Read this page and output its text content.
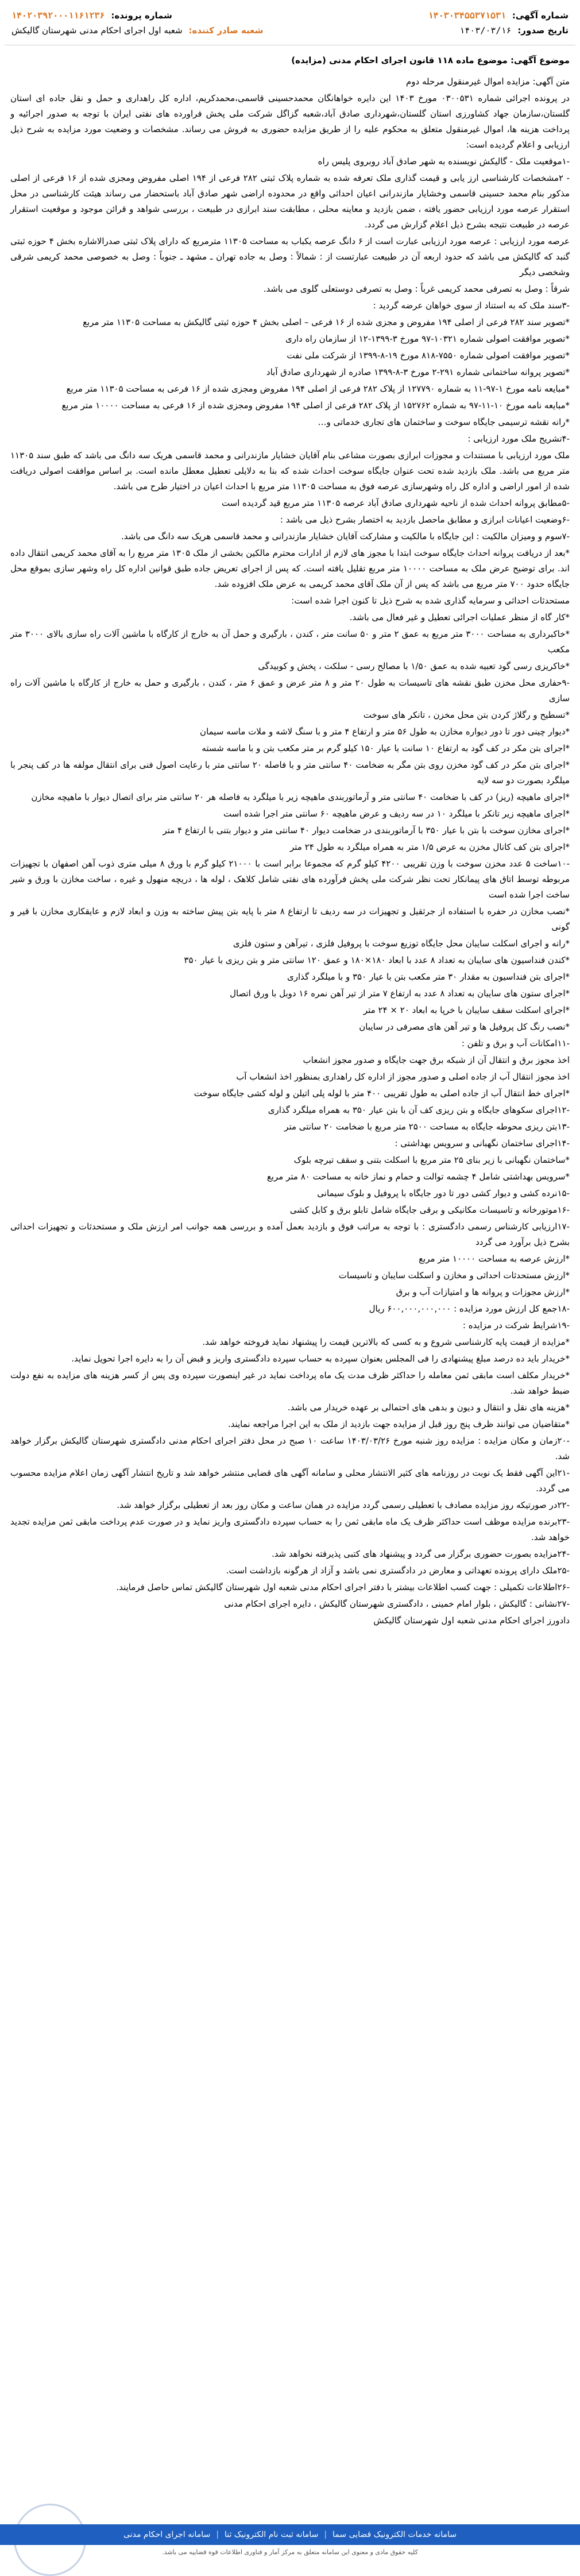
شماره آگهی: ۱۴۰۳۰۳۴۵۵۳۷۱۵۳۱
شماره پرونده: ۱۴۰۲۰۳۹۲۰۰۰۱۱۶۱۲۳۶
تاریخ صدور: ۱۴۰۳/۰۳/۱۶
شعبه صادر کننده: شعبه اول اجرای احکام مدنی شهرستان گالیکش

موضوع آگهی: موضوع ماده ۱۱۸ قانون اجرای احکام مدنی (مزایده)

متن آگهی: مزایده اموال غیرمنقول مرحله دوم

در پرونده اجرائی شماره ۰۳۰۰۵۳۱ مورخ ۱۴۰۳ این دایره خواهانگان محمدحسینی قاسمی،محمدکریم، اداره کل راهداری و حمل و نقل جاده ای استان گلستان،سازمان جهاد کشاورزی استان گلستان،شهرداری صادق آباد،شعبه گزاگل شرکت ملی پخش فراورده های نفتی ایران با توجه به صدور اجرائیه و پرداخت هزینه ها، اموال غیرمنقول متعلق به محکوم علیه را از طریق مزایده حضوری به فروش می رساند. مشخصات و وضعیت مورد مزایده به شرح ذیل ارزیابی و اعلام گردیده است:

-۱موقعیت ملک - گالیکش نویسنده به شهر صادق آباد روبروی پلیس راه

- ۲مشخصات کارشناسی ارز یابی و قیمت گذاری ملک تعرفه شده به شماره پلاک ثبتی ۲۸۲ فرعی از ۱۹۴ اصلی مفروض ومجزی شده از ۱۶ فرعی از اصلی مذکور بنام محمد حسینی قاسمی وخشایار مازندرانی اعیان احداثی واقع در محدوده اراضی شهر صادق آباد باستحضار می رساند هیئت کارشناسی در محل استقرار عرصه مورد ارزیابی حضور یافته ، ضمن بازدید و معاینه محلی ، مطابقت سند ابرازی در طبیعت ، بررسی شواهد و قرائن موجود و موقعیت استقرار عرصه در طبیعت نتیجه بشرح ذیل اعلام گزارش می گردد.

عرصه مورد ارزیابی : عرصه مورد ارزیابی عبارت است از ۶ دانگ عرصه یکباب به مساحت ۱۱۳۰۵ مترمربع که دارای پلاک ثبتی صدرالاشاره بخش ۴ حوزه ثبتی گنبد که گالیکش می باشد که حدود اربعه آن در طبیعت عبارتست از : شمالاً : وصل به جاده تهران ـ مشهد ـ جنوباً : وصل به خصوصی محمد کریمی شرقی وشخصی دیگر

شرقاً : وصل به تصرفی محمد کریمی غرباً : وصل به تصرفی دوستعلی گلوی می باشد.

-۳سند ملک که به استناد از سوی خواهان عرضه گردید :

*تصویر سند ۲۸۲ فرعی از اصلی ۱۹۴ مفروض و مجزی شده از ۱۶ فرعی – اصلی بخش ۴ حوزه ثبتی گالیکش به مساحت ۱۱۳۰۵ متر مربع

*تصویر موافقت اصولی شماره ۱۰۳۲۱-۹۷ مورخ ۳-۱۳۹۹-۱۲ از سازمان راه داری

*تصویر موافقت اصولی شماره ۷۵۵۰-۸۱۸ مورخ ۱۹-۸-۱۳۹۹ از شرکت ملی نفت

*تصویر پروانه ساختمانی شماره ۲۹۱-۲ مورخ ۳-۸-۱۳۹۹ صادره از شهرداری صادق آباد

*مبایعه نامه مورخ ۱-۹۷-۱۱ به شماره ۱۲۷۷۹۰ از پلاک ۲۸۲ فرعی از اصلی ۱۹۴ مفروض ومجزی شده از ۱۶ فرعی به مساحت ۱۱۳۰۵ متر مربع

*مبایعه نامه مورخ ۱۰-۱۱-۹۷ به شماره ۱۵۲۷۶۲ از پلاک ۲۸۲ فرعی از اصلی ۱۹۴ مفروض ومجزی شده از ۱۶ فرعی به مساحت ۱۰۰۰۰ متر مربع

*رانه نقشه ترسیمی جایگاه سوخت و ساختمان های تجاری خدماتی و…

-۴تشریح ملک مورد ارزیابی :

ملک مورد ارزیابی با مستندات و مجوزات ابرازی بصورت مشاعی بنام آقایان خشایار مازندرانی و محمد قاسمی هریک سه دانگ می باشد که طبق سند ۱۱۳۰۵ متر مربع می باشد. ملک بازدید شده تحت عنوان جایگاه سوخت احداث شده که بنا به دلایلی تعطیل معطل مانده است. بر اساس موافقت اصولی دریافت شده از امور اراضی و اداره کل راه وشهرسازی عرصه فوق به مساحت ۱۱۳۰۵ متر مربع با احداث اعیان در اختیار طرح می باشد.

-۵مطابق پروانه احداث شده از ناحیه شهرداری صادق آباد عرصه ۱۱۳۰۵ متر مربع قید گردیده است

-۶وضعیت اعیانات ابرازی و مطابق ماحصل بازدید به اختصار بشرح ذیل می باشد :

-۷سوم و ومیزان مالکیت : این جایگاه با مالکیت و مشارکت آقایان خشایار مازندرانی و محمد قاسمی هریک سه دانگ می باشد.

*بعد از دریافت پروانه احداث جایگاه سوخت ابتدا با مجوز های لازم از ادارات محترم مالکین بخشی از ملک ۱۳۰۵ متر مربع را به آقای محمد کریمی انتقال داده اند. برای توضیح عرض ملک به مساحت ۱۰۰۰۰ متر مربع تقلیل یافته است. که پس از اجرای تعریض جاده طبق قوانین اداره کل راه وشهر سازی بموقع محل جایگاه حدود ۷۰۰ متر مربع می باشد که پس از آن ملک آقای محمد کریمی به عرض ملک افزوده شد.

مستحدثات احداثی و سرمایه گذاری شده به شرح ذیل تا کنون اجرا شده است:

*کار گاه از منظر عملیات اجرائی تعطیل و غیر فعال می باشد.

*خاکبرداری به مساحت ۳۰۰۰ متر مربع به عمق ۲ متر و ۵۰ سانت متر ، کندن ، بارگیری و حمل آن به خارج از کارگاه با ماشین آلات راه سازی بالای ۳۰۰۰ متر مکعب

*خاکریزی رسی گود تعبیه شده به عمق ۱/۵۰ با مصالح رسی - سلکت ، پخش و کوبیدگی

-۹حفاری محل مخزن طبق نقشه های تاسیسات به طول ۲۰ متر و ۸ متر عرض و عمق ۶ متر ، کندن ، بارگیری و حمل به خارج از کارگاه با ماشین آلات راه سازی

*تسطیح و رگلاژ کردن بتن محل مخزن ، تانکر های سوخت

*دیوار چینی دور تا دور دیواره مخازن به طول ۵۶ متر و ارتفاع ۴ متر و با سنگ لاشه و ملات ماسه سیمان

*اجرای بتن مکر در کف گود به ارتفاع ۱۰ سانت با عیار ۱۵۰ کیلو گرم بر متر مکعب بتن و با ماسه شسته

*اجرای بتن مکر در کف گود مخزن روی بتن مگر به ضخامت ۴۰ سانتی متر و با فاصله ۲۰ سانتی متر با رعایت اصول فنی برای انتقال مولفه ها در کف پنجر با میلگرد بصورت دو سه لایه

*اجرای ماهیچه (ریز) در کف با ضخامت ۴۰ سانتی متر و آرماتوربندی ماهیچه زیر با میلگرد به فاصله هر ۲۰ سانتی متر برای اتصال دیوار با ماهیچه مخازن

*اجرای ماهیچه زیر تانکر با میلگرد ۱۰ در سه ردیف و عرض ماهیچه ۶۰ سانتی متر اجرا شده است

*اجرای مخازن سوخت با بتن با عیار ۳۵۰ با آرماتوربندی در ضخامت دیوار ۴۰ سانتی متر و دیوار بتنی با ارتفاع ۴ متر

*اجرای بتن کف کانال مخزن به عرض ۱/۵ متر به همراه میلگرد به طول ۲۴ متر

-۱۰ساخت ۵ عدد مخزن سوخت با وزن تقریبی ۴۲۰۰ کیلو گرم که مجموعا برابر است با ۲۱۰۰۰ کیلو گرم با ورق ۸ میلی متری ذوب آهن اصفهان با تجهیزات مربوطه توسط اتاق های پیمانکار تحت نظر شرکت ملی پخش فرآورده های نفتی شامل کلاهک ، لوله ها ، دریچه منهول و غیره ، ساخت مخازن با ورق و شیر ساخت اجرا شده است

*نصب مخازن در حفره با استفاده از جرثقیل و تجهیزات در سه ردیف تا ارتفاع ۸ متر با پایه بتن پیش ساخته به وزن و ابعاد لازم و عایقکاری مخازن با قیر و گونی

*رانه و اجرای اسکلت سایبان محل جایگاه توزیع سوخت با پروفیل فلزی ، تیرآهن و ستون فلزی

*کندن فنداسیون های سایبان به تعداد ۸ عدد با ابعاد ۱۸۰×۱۸۰ و عمق ۱۲۰ سانتی متر و بتن ریزی با عیار ۳۵۰

*اجرای بتن فنداسیون به مقدار ۳۰ متر مکعب بتن با عیار ۳۵۰ و با میلگرد گذاری

*اجرای ستون های سایبان به تعداد ۸ عدد به ارتفاع ۷ متر از تیر آهن نمره ۱۶ دوبل با ورق اتصال

*اجرای اسکلت سقف سایبان با خرپا به ابعاد ۲۰ × ۲۴ متر

*نصب رنگ کل پروفیل ها و تیر آهن های مصرفی در سایبان

-۱۱امکانات آب و برق و تلفن :

اخذ مجوز برق و انتقال آن از شبکه برق جهت جایگاه و صدور مجوز انشعاب

اخذ مجوز انتقال آب از جاده اصلی و صدور مجوز از اداره کل راهداری بمنظور اخذ انشعاب آب

*اجرای خط انتقال آب از جاده اصلی به طول تقریبی ۴۰۰ متر با لوله پلی اتیلن و لوله کشی جایگاه سوخت

-۱۲اجرای سکوهای جایگاه و بتن ریزی کف آن با بتن عیار ۳۵۰ به همراه میلگرد گذاری

-۱۳بتن ریزی محوطه جایگاه به مساحت ۲۵۰۰ متر مربع با ضخامت ۲۰ سانتی متر

-۱۴اجرای ساختمان نگهبانی و سرویس بهداشتی :

*ساختمان نگهبانی با زیر بنای ۲۵ متر مربع با اسکلت بتنی و سقف تیرچه بلوک

*سرویس بهداشتی شامل ۴ چشمه توالت و حمام و نماز خانه به مساحت ۸۰ متر مربع

-۱۵نرده کشی و دیوار کشی دور تا دور جایگاه با پروفیل و بلوک سیمانی

-۱۶موتورخانه و تاسیسات مکانیکی و برقی جایگاه شامل تابلو برق و کابل کشی

-۱۷ارزیابی کارشناس رسمی دادگستری : با توجه به مراتب فوق و بازدید بعمل آمده و بررسی همه جوانب امر ارزش ملک و مستحدثات و تجهیزات احداثی بشرح ذیل برآورد می گردد

*ارزش عرصه به مساحت ۱۰۰۰۰ متر مربع

*ارزش مستحدثات احداثی و مخازن و اسکلت سایبان و تاسیسات

*ارزش مجوزات و پروانه ها و امتیازات آب و برق

-۱۸جمع کل ارزش مورد مزایده : ۶۰۰,۰۰۰,۰۰۰,۰۰۰ ریال

-۱۹شرایط شرکت در مزایده :

*مزایده از قیمت پایه کارشناسی شروع و به کسی که بالاترین قیمت را پیشنهاد نماید فروخته خواهد شد.

*خریدار باید ده درصد مبلغ پیشنهادی را فی المجلس بعنوان سپرده به حساب سپرده دادگستری واریز و قبض آن را به دایره اجرا تحویل نماید.

*خریدار مکلف است مابقی ثمن معامله را حداکثر ظرف مدت یک ماه پرداخت نماید در غیر اینصورت سپرده وی پس از کسر هزینه های مزایده به نفع دولت ضبط خواهد شد.

*هزینه های نقل و انتقال و دیون و بدهی های احتمالی بر عهده خریدار می باشد.

*متقاضیان می توانند ظرف پنج روز قبل از مزایده جهت بازدید از ملک به این اجرا مراجعه نمایند.

-۲۰زمان و مکان مزایده : مزایده روز شنبه مورخ ۱۴۰۳/۰۳/۲۶ ساعت ۱۰ صبح در محل دفتر اجرای احکام مدنی دادگستری شهرستان گالیکش برگزار خواهد شد.

-۲۱این آگهی فقط یک نوبت در روزنامه های کثیر الانتشار محلی و سامانه آگهی های قضایی منتشر خواهد شد و تاریخ انتشار آگهی زمان اعلام مزایده محسوب می گردد.

-۲۲در صورتیکه روز مزایده مصادف با تعطیلی رسمی گردد مزایده در همان ساعت و مکان روز بعد از تعطیلی برگزار خواهد شد.

-۲۳برنده مزایده موظف است حداکثر ظرف یک ماه مابقی ثمن را به حساب سپرده دادگستری واریز نماید و در صورت عدم پرداخت مابقی ثمن مزایده تجدید خواهد شد.

-۲۴مزایده بصورت حضوری برگزار می گردد و پیشنهاد های کتبی پذیرفته نخواهد شد.

-۲۵ملک دارای پرونده تعهداتی و معارض در دادگستری نمی باشد و آزاد از هرگونه بازداشت است.

-۲۶اطلاعات تکمیلی : جهت کسب اطلاعات بیشتر با دفتر اجرای احکام مدنی شعبه اول شهرستان گالیکش تماس حاصل فرمایند.

-۲۷نشانی : گالیکش ، بلوار امام خمینی ، دادگستری شهرستان گالیکش ، دایره اجرای احکام مدنی

دادورز اجرای احکام مدنی شعبه اول شهرستان گالیکش

سامانه خدمات الکترونیک قضایی سما
|
سامانه ثبت نام الکترونیک ثنا
|
سامانه اجرای احکام مدنی
کلیه حقوق مادی و معنوی این سامانه متعلق به مرکز آمار و فناوری اطلاعات قوه قضاییه می باشد.
